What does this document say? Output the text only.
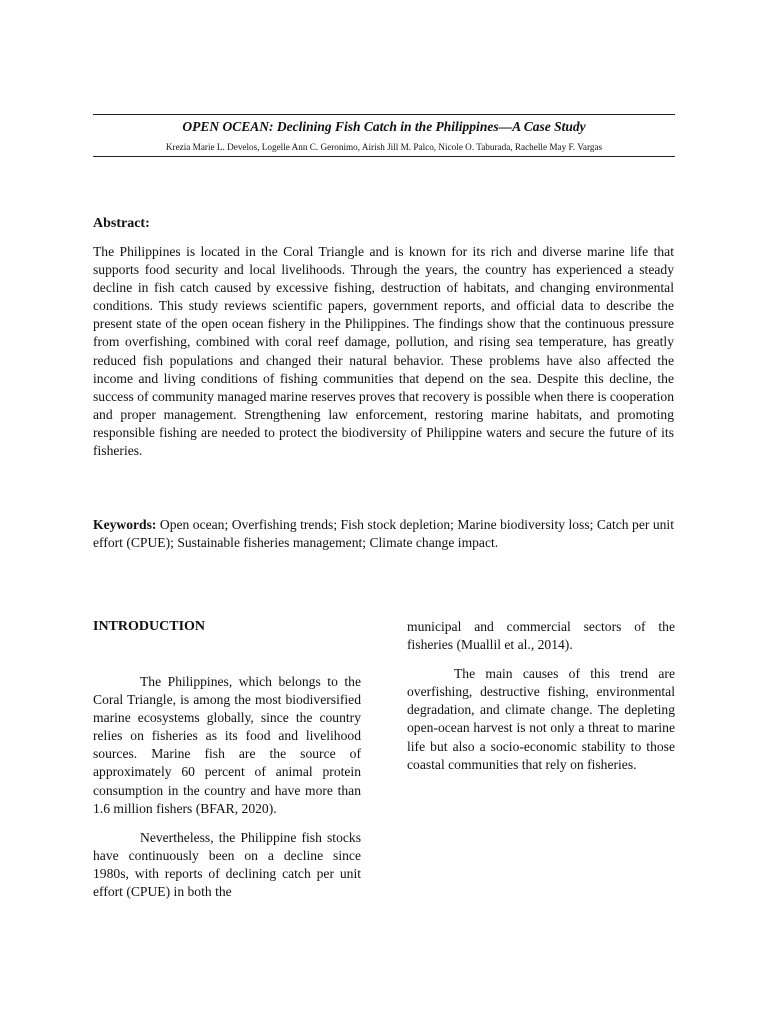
OPEN OCEAN: Declining Fish Catch in the Philippines—A Case Study
Krezia Marie L. Develos, Logelle Ann C. Geronimo, Airish Jill M. Palco, Nicole O. Taburada, Rachelle May F. Vargas
Abstract:

The Philippines is located in the Coral Triangle and is known for its rich and diverse marine life that supports food security and local livelihoods. Through the years, the country has experienced a steady decline in fish catch caused by excessive fishing, destruction of habitats, and changing environmental conditions. This study reviews scientific papers, government reports, and official data to describe the present state of the open ocean fishery in the Philippines. The findings show that the continuous pressure from overfishing, combined with coral reef damage, pollution, and rising sea temperature, has greatly reduced fish populations and changed their natural behavior. These problems have also affected the income and living conditions of fishing communities that depend on the sea. Despite this decline, the success of community managed marine reserves proves that recovery is possible when there is cooperation and proper management. Strengthening law enforcement, restoring marine habitats, and promoting responsible fishing are needed to protect the biodiversity of Philippine waters and secure the future of its fisheries.

Keywords: Open ocean; Overfishing trends; Fish stock depletion; Marine biodiversity loss; Catch per unit effort (CPUE); Sustainable fisheries management; Climate change impact.

INTRODUCTION

The Philippines, which belongs to the Coral Triangle, is among the most biodiversified marine ecosystems globally, since the country relies on fisheries as its food and livelihood sources. Marine fish are the source of approximately 60 percent of animal protein consumption in the country and have more than 1.6 million fishers (BFAR, 2020).

Nevertheless, the Philippine fish stocks have continuously been on a decline since 1980s, with reports of declining catch per unit effort (CPUE) in both the

municipal and commercial sectors of the fisheries (Muallil et al., 2014).

The main causes of this trend are overfishing, destructive fishing, environmental degradation, and climate change. The depleting open-ocean harvest is not only a threat to marine life but also a socio-economic stability to those coastal communities that rely on fisheries.
